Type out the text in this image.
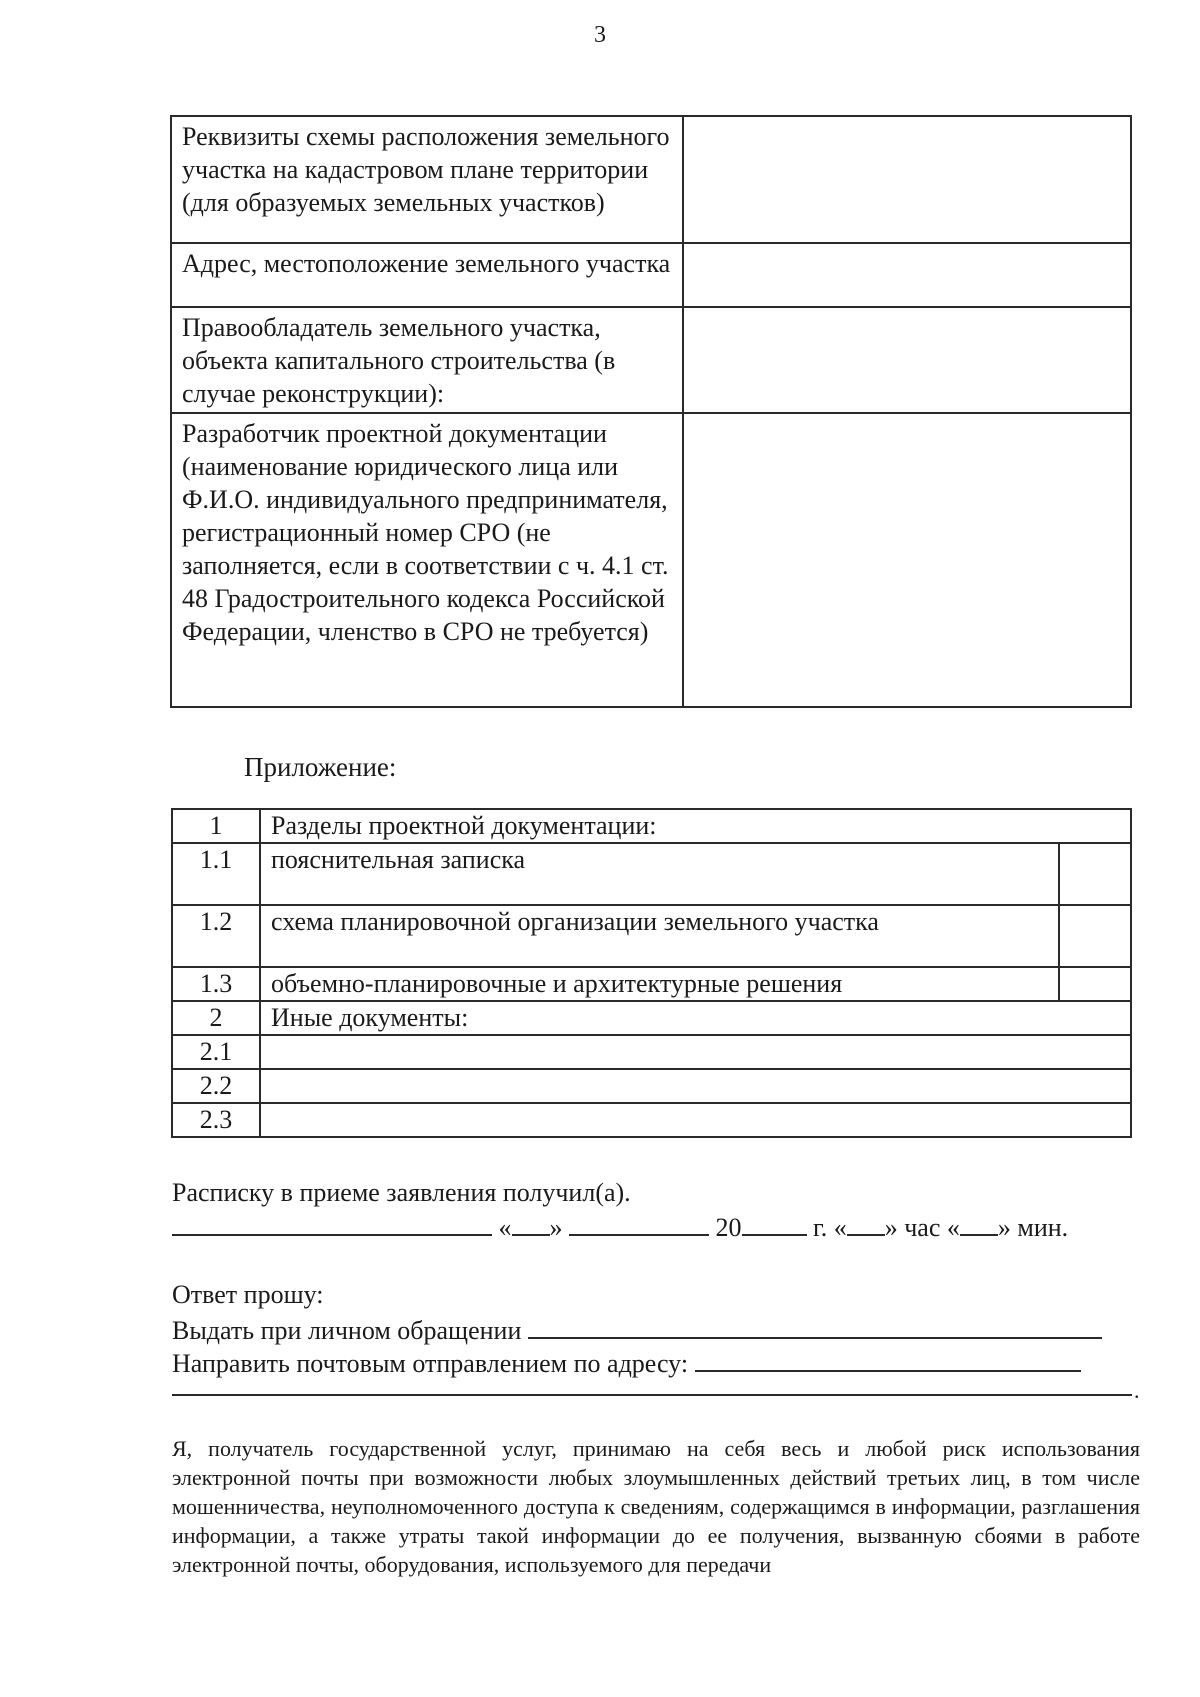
3
Реквизиты схемы расположения земельного участка на кадастровом плане территории (для образуемых земельных участков)	
Адрес, местоположение земельного участка	
Правообладатель земельного участка, объекта капитального строительства (в случае реконструкции):	
Разработчик проектной документации (наименование юридического лица или Ф.И.О. индивидуального предпринимателя, регистрационный номер СРО (не заполняется, если в соответствии с ч. 4.1 ст. 48 Градостроительного кодекса Российской Федерации, членство в СРО не требуется)	
Приложение:
1	Разделы проектной документации:	
1.1	пояснительная записка	
1.2	схема планировочной организации земельного участка	
1.3	объемно-планировочные и архитектурные решения	
2	Иные документы:	
2.1		
2.2		
2.3		
Расписку в приеме заявления получил(а).
« »	20	г. « » час « » мин.
Ответ прошу:
Выдать при личном обращении
Направить почтовым отправлением по адресу:
.
Я, получатель государственной услуг, принимаю на себя весь и любой риск использования электронной почты при возможности любых злоумышленных действий третьих лиц, в том числе мошенничества, неуполномоченного доступа к сведениям, содержащимся в информации, разглашения информации, а также утраты такой информации до ее получения, вызванную сбоями в работе электронной почты, оборудования, используемого для передачи
